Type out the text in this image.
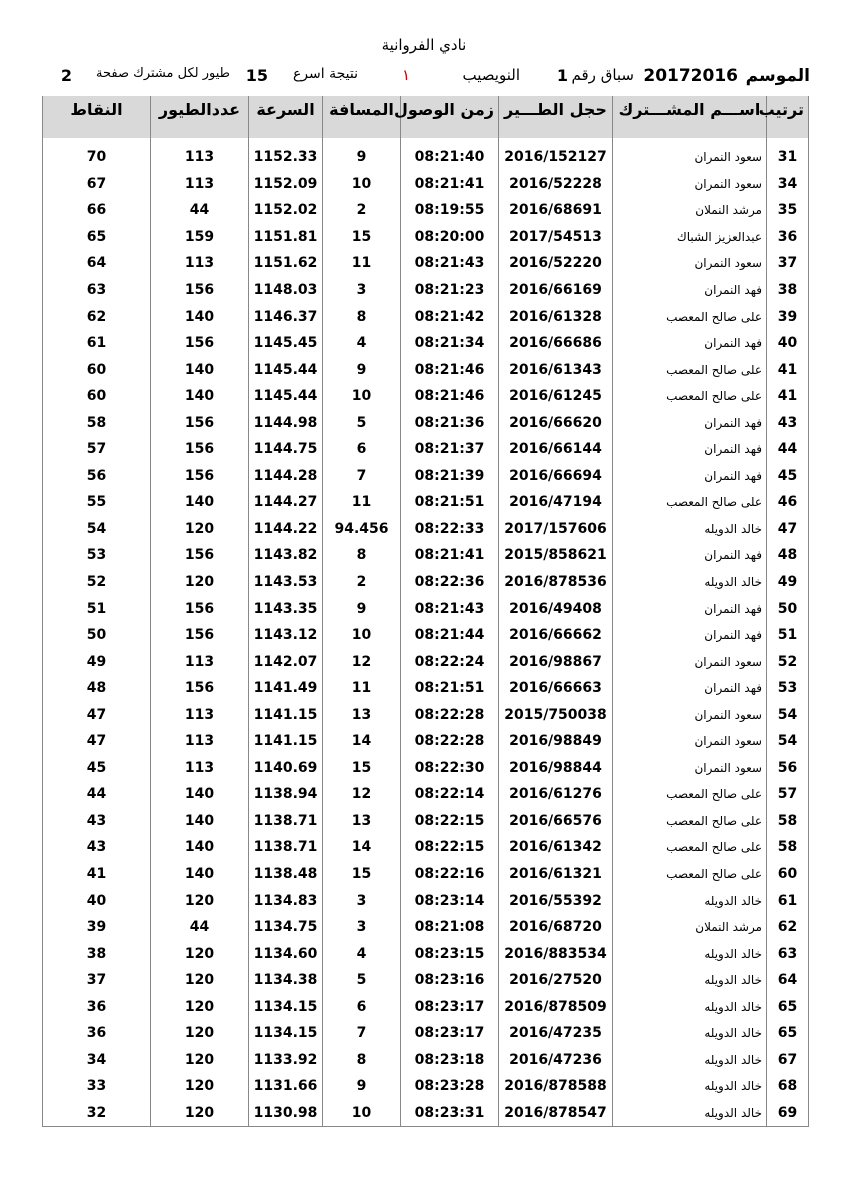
نادي الفروانية
الموسم
20172016
سباق رقم
1
النويصيب
١
نتيجة اسرع
15
طيور لكل مشترك صفحة
2
ترتيب	اســـم المشـــترك	حجل الطـــير	زمن الوصول	المسافة	السرعة	عددالطيور	النقاط

31	سعود النمران	2016/152127	08:21:40	9	1152.33	113	70
34	سعود النمران	2016/52228	08:21:41	10	1152.09	113	67
35	مرشد النملان	2016/68691	08:19:55	2	1152.02	44	66
36	عبدالعزيز الشباك	2017/54513	08:20:00	15	1151.81	159	65
37	سعود النمران	2016/52220	08:21:43	11	1151.62	113	64
38	فهد النمران	2016/66169	08:21:23	3	1148.03	156	63
39	على صالح المعصب	2016/61328	08:21:42	8	1146.37	140	62
40	فهد النمران	2016/66686	08:21:34	4	1145.45	156	61
41	على صالح المعصب	2016/61343	08:21:46	9	1145.44	140	60
41	على صالح المعصب	2016/61245	08:21:46	10	1145.44	140	60
43	فهد النمران	2016/66620	08:21:36	5	1144.98	156	58
44	فهد النمران	2016/66144	08:21:37	6	1144.75	156	57
45	فهد النمران	2016/66694	08:21:39	7	1144.28	156	56
46	على صالح المعصب	2016/47194	08:21:51	11	1144.27	140	55
47	خالد الدويله	2017/157606	08:22:33	94.456	1144.22	120	54
48	فهد النمران	2015/858621	08:21:41	8	1143.82	156	53
49	خالد الدويله	2016/878536	08:22:36	2	1143.53	120	52
50	فهد النمران	2016/49408	08:21:43	9	1143.35	156	51
51	فهد النمران	2016/66662	08:21:44	10	1143.12	156	50
52	سعود النمران	2016/98867	08:22:24	12	1142.07	113	49
53	فهد النمران	2016/66663	08:21:51	11	1141.49	156	48
54	سعود النمران	2015/750038	08:22:28	13	1141.15	113	47
54	سعود النمران	2016/98849	08:22:28	14	1141.15	113	47
56	سعود النمران	2016/98844	08:22:30	15	1140.69	113	45
57	على صالح المعصب	2016/61276	08:22:14	12	1138.94	140	44
58	على صالح المعصب	2016/66576	08:22:15	13	1138.71	140	43
58	على صالح المعصب	2016/61342	08:22:15	14	1138.71	140	43
60	على صالح المعصب	2016/61321	08:22:16	15	1138.48	140	41
61	خالد الدويله	2016/55392	08:23:14	3	1134.83	120	40
62	مرشد النملان	2016/68720	08:21:08	3	1134.75	44	39
63	خالد الدويله	2016/883534	08:23:15	4	1134.60	120	38
64	خالد الدويله	2016/27520	08:23:16	5	1134.38	120	37
65	خالد الدويله	2016/878509	08:23:17	6	1134.15	120	36
65	خالد الدويله	2016/47235	08:23:17	7	1134.15	120	36
67	خالد الدويله	2016/47236	08:23:18	8	1133.92	120	34
68	خالد الدويله	2016/878588	08:23:28	9	1131.66	120	33
69	خالد الدويله	2016/878547	08:23:31	10	1130.98	120	32
